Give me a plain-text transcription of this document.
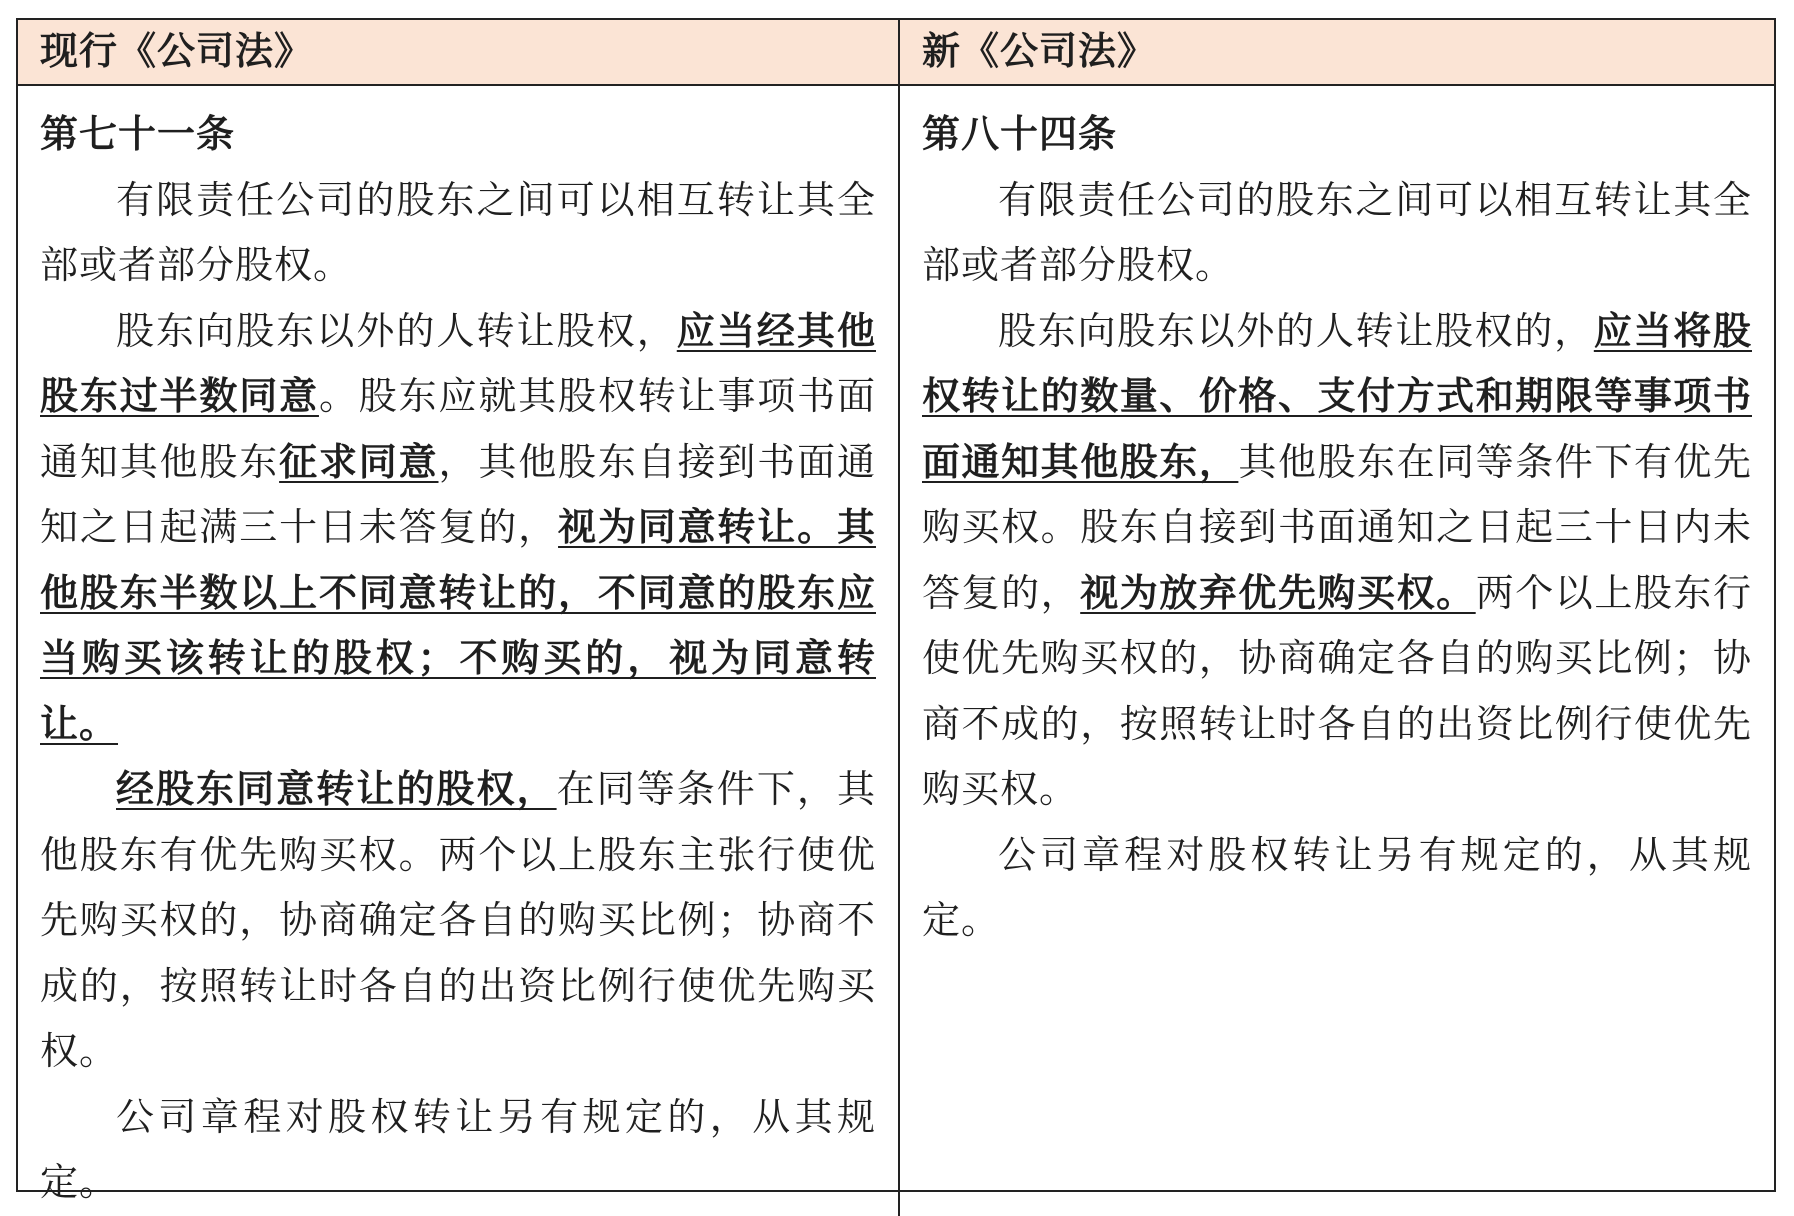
现行《公司法》	新《公司法》

第七十一条

有限责任公司的股东之间可以相互转让其全部或者部分股权。

股东向股东以外的人转让股权，应当经其他股东过半数同意。股东应就其股权转让事项书面通知其他股东征求同意，其他股东自接到书面通知之日起满三十日未答复的，视为同意转让。其他股东半数以上不同意转让的，不同意的股东应当购买该转让的股权；不购买的，视为同意转让。

经股东同意转让的股权，在同等条件下，其他股东有优先购买权。两个以上股东主张行使优先购买权的，协商确定各自的购买比例；协商不成的，按照转让时各自的出资比例行使优先购买权。

公司章程对股权转让另有规定的，从其规定。

第八十四条

有限责任公司的股东之间可以相互转让其全部或者部分股权。

股东向股东以外的人转让股权的，应当将股权转让的数量、价格、支付方式和期限等事项书面通知其他股东，其他股东在同等条件下有优先购买权。股东自接到书面通知之日起三十日内未答复的，视为放弃优先购买权。两个以上股东行使优先购买权的，协商确定各自的购买比例；协商不成的，按照转让时各自的出资比例行使优先购买权。

公司章程对股权转让另有规定的，从其规定。
